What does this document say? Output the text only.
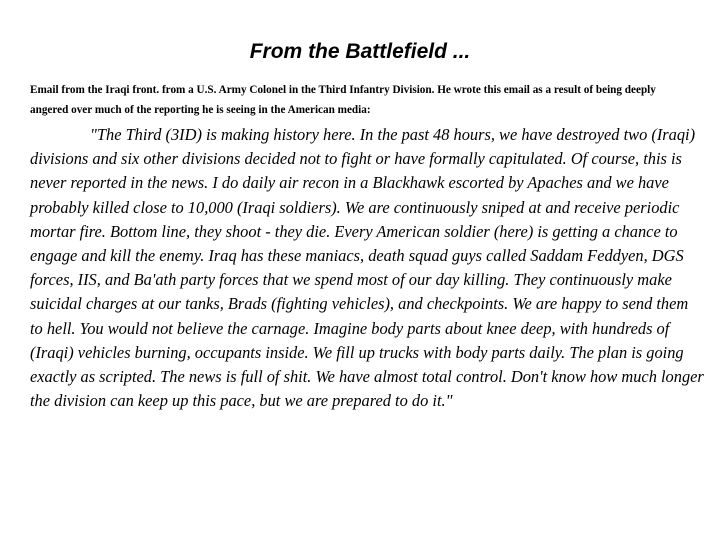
From the Battlefield ...

Email from the Iraqi front. from a U.S. Army Colonel in the Third Infantry Division. He wrote this email as a result of being deeply angered over much of the reporting he is seeing in the American media:

"The Third (3ID) is making history here. In the past 48 hours, we have destroyed two (Iraqi) divisions and six other divisions decided not to fight or have formally capitulated. Of course, this is never reported in the news. I do daily air recon in a Blackhawk escorted by Apaches and we have probably killed close to 10,000 (Iraqi soldiers). We are continuously sniped at and receive periodic mortar fire. Bottom line, they shoot - they die. Every American soldier (here) is getting a chance to engage and kill the enemy. Iraq has these maniacs, death squad guys called Saddam Feddyen, DGS forces, IIS, and Ba'ath party forces that we spend most of our day killing. They continuously make suicidal charges at our tanks, Brads (fighting vehicles), and checkpoints. We are happy to send them to hell. You would not believe the carnage. Imagine body parts about knee deep, with hundreds of (Iraqi) vehicles burning, occupants inside. We fill up trucks with body parts daily. The plan is going exactly as scripted. The news is full of shit. We have almost total control. Don't know how much longer the division can keep up this pace, but we are prepared to do it."
